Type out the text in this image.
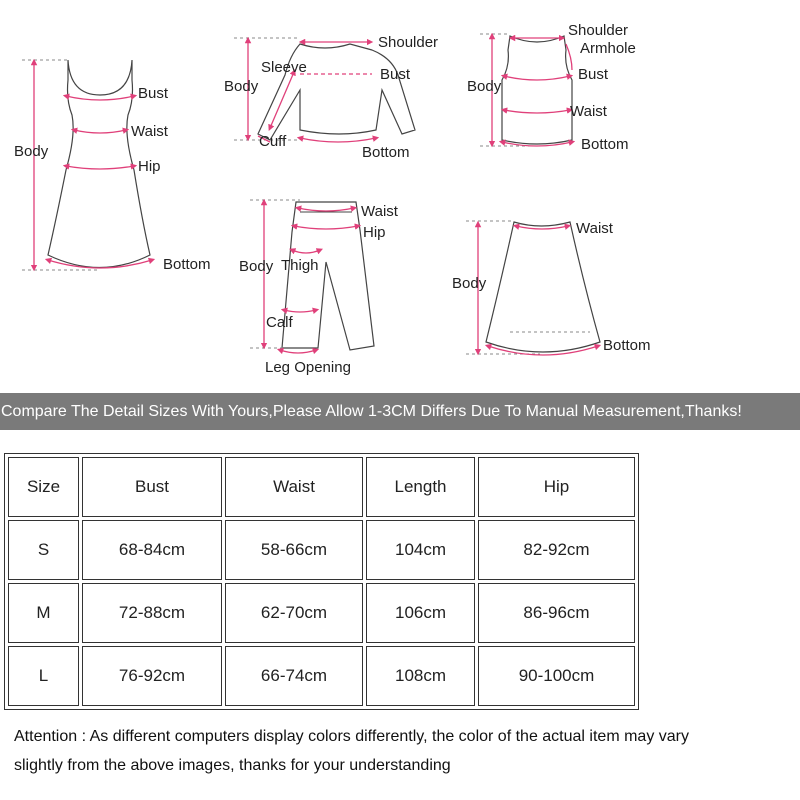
Body
Bust
Waist
Hip
Bottom
Shoulder
Sleeve
Body
Bust
Cuff
Bottom
Shoulder
Armhole
Body
Bust
Waist
Bottom
Waist
Hip
Body Thigh
Calf
Leg Opening
Waist
Body
Bottom
Compare The Detail Sizes With Yours,Please Allow 1-3CM Differs Due To Manual Measurement,Thanks!
Size	Bust	Waist	Length	Hip
S	68-84cm	58-66cm	104cm	82-92cm
M	72-88cm	62-70cm	106cm	86-96cm
L	76-92cm	66-74cm	108cm	90-100cm
Attention : As different computers display colors differently, the color of the actual item may vary
slightly from the above images, thanks for your understanding
